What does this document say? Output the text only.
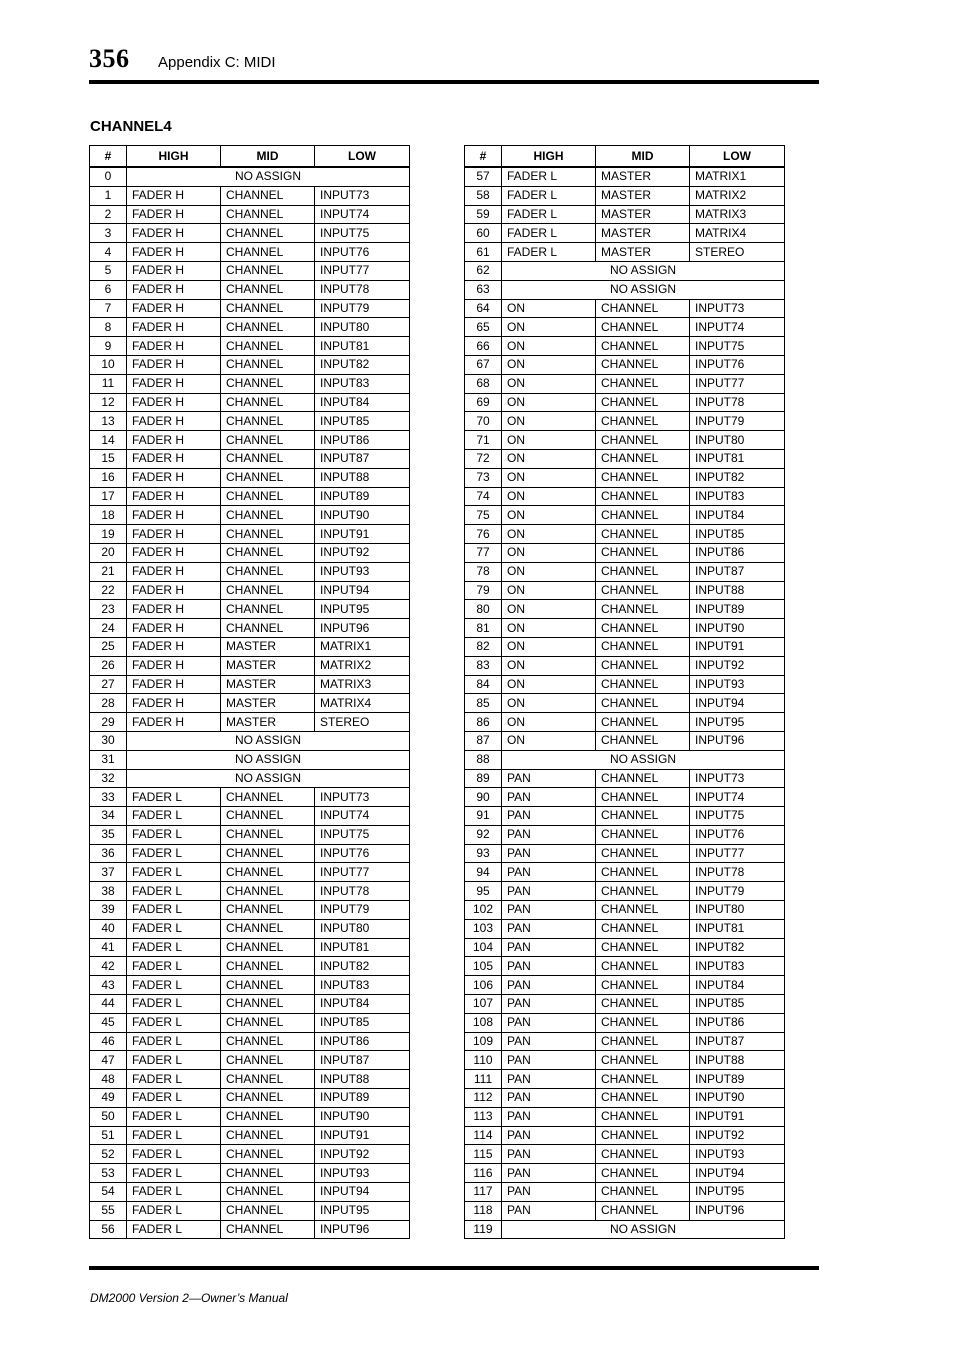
356 Appendix C: MIDI
CHANNEL4
#	HIGH	MID	LOW
0	NO ASSIGN		
1	FADER H	CHANNEL	INPUT73
2	FADER H	CHANNEL	INPUT74
3	FADER H	CHANNEL	INPUT75
4	FADER H	CHANNEL	INPUT76
5	FADER H	CHANNEL	INPUT77
6	FADER H	CHANNEL	INPUT78
7	FADER H	CHANNEL	INPUT79
8	FADER H	CHANNEL	INPUT80
9	FADER H	CHANNEL	INPUT81
10	FADER H	CHANNEL	INPUT82
11	FADER H	CHANNEL	INPUT83
12	FADER H	CHANNEL	INPUT84
13	FADER H	CHANNEL	INPUT85
14	FADER H	CHANNEL	INPUT86
15	FADER H	CHANNEL	INPUT87
16	FADER H	CHANNEL	INPUT88
17	FADER H	CHANNEL	INPUT89
18	FADER H	CHANNEL	INPUT90
19	FADER H	CHANNEL	INPUT91
20	FADER H	CHANNEL	INPUT92
21	FADER H	CHANNEL	INPUT93
22	FADER H	CHANNEL	INPUT94
23	FADER H	CHANNEL	INPUT95
24	FADER H	CHANNEL	INPUT96
25	FADER H	MASTER	MATRIX1
26	FADER H	MASTER	MATRIX2
27	FADER H	MASTER	MATRIX3
28	FADER H	MASTER	MATRIX4
29	FADER H	MASTER	STEREO
30	NO ASSIGN		
31	NO ASSIGN		
32	NO ASSIGN		
33	FADER L	CHANNEL	INPUT73
34	FADER L	CHANNEL	INPUT74
35	FADER L	CHANNEL	INPUT75
36	FADER L	CHANNEL	INPUT76
37	FADER L	CHANNEL	INPUT77
38	FADER L	CHANNEL	INPUT78
39	FADER L	CHANNEL	INPUT79
40	FADER L	CHANNEL	INPUT80
41	FADER L	CHANNEL	INPUT81
42	FADER L	CHANNEL	INPUT82
43	FADER L	CHANNEL	INPUT83
44	FADER L	CHANNEL	INPUT84
45	FADER L	CHANNEL	INPUT85
46	FADER L	CHANNEL	INPUT86
47	FADER L	CHANNEL	INPUT87
48	FADER L	CHANNEL	INPUT88
49	FADER L	CHANNEL	INPUT89
50	FADER L	CHANNEL	INPUT90
51	FADER L	CHANNEL	INPUT91
52	FADER L	CHANNEL	INPUT92
53	FADER L	CHANNEL	INPUT93
54	FADER L	CHANNEL	INPUT94
55	FADER L	CHANNEL	INPUT95
56	FADER L	CHANNEL	INPUT96
#	HIGH	MID	LOW
57	FADER L	MASTER	MATRIX1
58	FADER L	MASTER	MATRIX2
59	FADER L	MASTER	MATRIX3
60	FADER L	MASTER	MATRIX4
61	FADER L	MASTER	STEREO
62	NO ASSIGN		
63	NO ASSIGN		
64	ON	CHANNEL	INPUT73
65	ON	CHANNEL	INPUT74
66	ON	CHANNEL	INPUT75
67	ON	CHANNEL	INPUT76
68	ON	CHANNEL	INPUT77
69	ON	CHANNEL	INPUT78
70	ON	CHANNEL	INPUT79
71	ON	CHANNEL	INPUT80
72	ON	CHANNEL	INPUT81
73	ON	CHANNEL	INPUT82
74	ON	CHANNEL	INPUT83
75	ON	CHANNEL	INPUT84
76	ON	CHANNEL	INPUT85
77	ON	CHANNEL	INPUT86
78	ON	CHANNEL	INPUT87
79	ON	CHANNEL	INPUT88
80	ON	CHANNEL	INPUT89
81	ON	CHANNEL	INPUT90
82	ON	CHANNEL	INPUT91
83	ON	CHANNEL	INPUT92
84	ON	CHANNEL	INPUT93
85	ON	CHANNEL	INPUT94
86	ON	CHANNEL	INPUT95
87	ON	CHANNEL	INPUT96
88	NO ASSIGN		
89	PAN	CHANNEL	INPUT73
90	PAN	CHANNEL	INPUT74
91	PAN	CHANNEL	INPUT75
92	PAN	CHANNEL	INPUT76
93	PAN	CHANNEL	INPUT77
94	PAN	CHANNEL	INPUT78
95	PAN	CHANNEL	INPUT79
102	PAN	CHANNEL	INPUT80
103	PAN	CHANNEL	INPUT81
104	PAN	CHANNEL	INPUT82
105	PAN	CHANNEL	INPUT83
106	PAN	CHANNEL	INPUT84
107	PAN	CHANNEL	INPUT85
108	PAN	CHANNEL	INPUT86
109	PAN	CHANNEL	INPUT87
110	PAN	CHANNEL	INPUT88
111	PAN	CHANNEL	INPUT89
112	PAN	CHANNEL	INPUT90
113	PAN	CHANNEL	INPUT91
114	PAN	CHANNEL	INPUT92
115	PAN	CHANNEL	INPUT93
116	PAN	CHANNEL	INPUT94
117	PAN	CHANNEL	INPUT95
118	PAN	CHANNEL	INPUT96
119	NO ASSIGN		
DM2000 Version 2—Owner’s Manual
